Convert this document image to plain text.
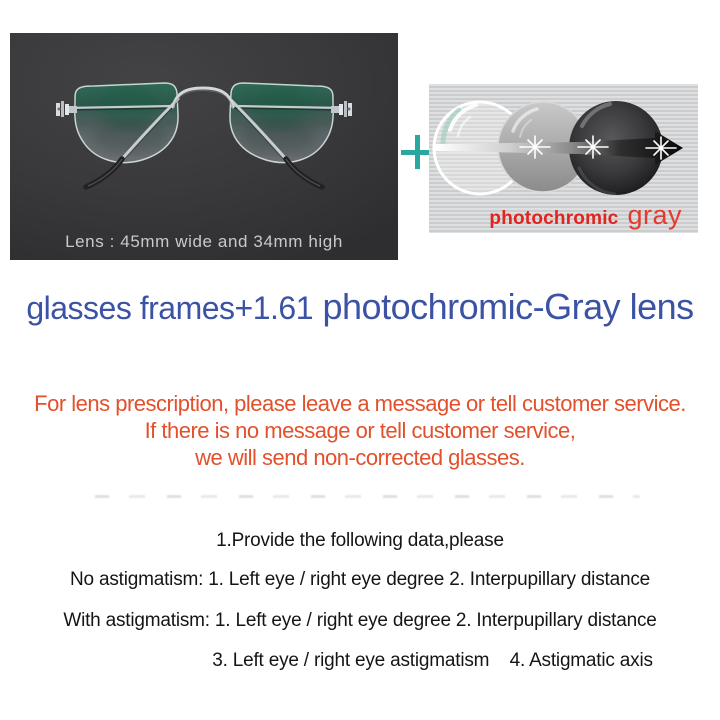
Lens : 45mm wide and 34mm high
photochromic gray
glasses frames+1.61 photochromic-Gray lens
For lens prescription, please leave a message or tell customer service.
If there is no message or tell customer service,
we will send non-corrected glasses.
1.Provide the following data,please
No astigmatism: 1. Left eye / right eye degree 2. Interpupillary distance
With astigmatism: 1. Left eye / right eye degree 2. Interpupillary distance
3. Left eye / right eye astigmatism    4. Astigmatic axis
